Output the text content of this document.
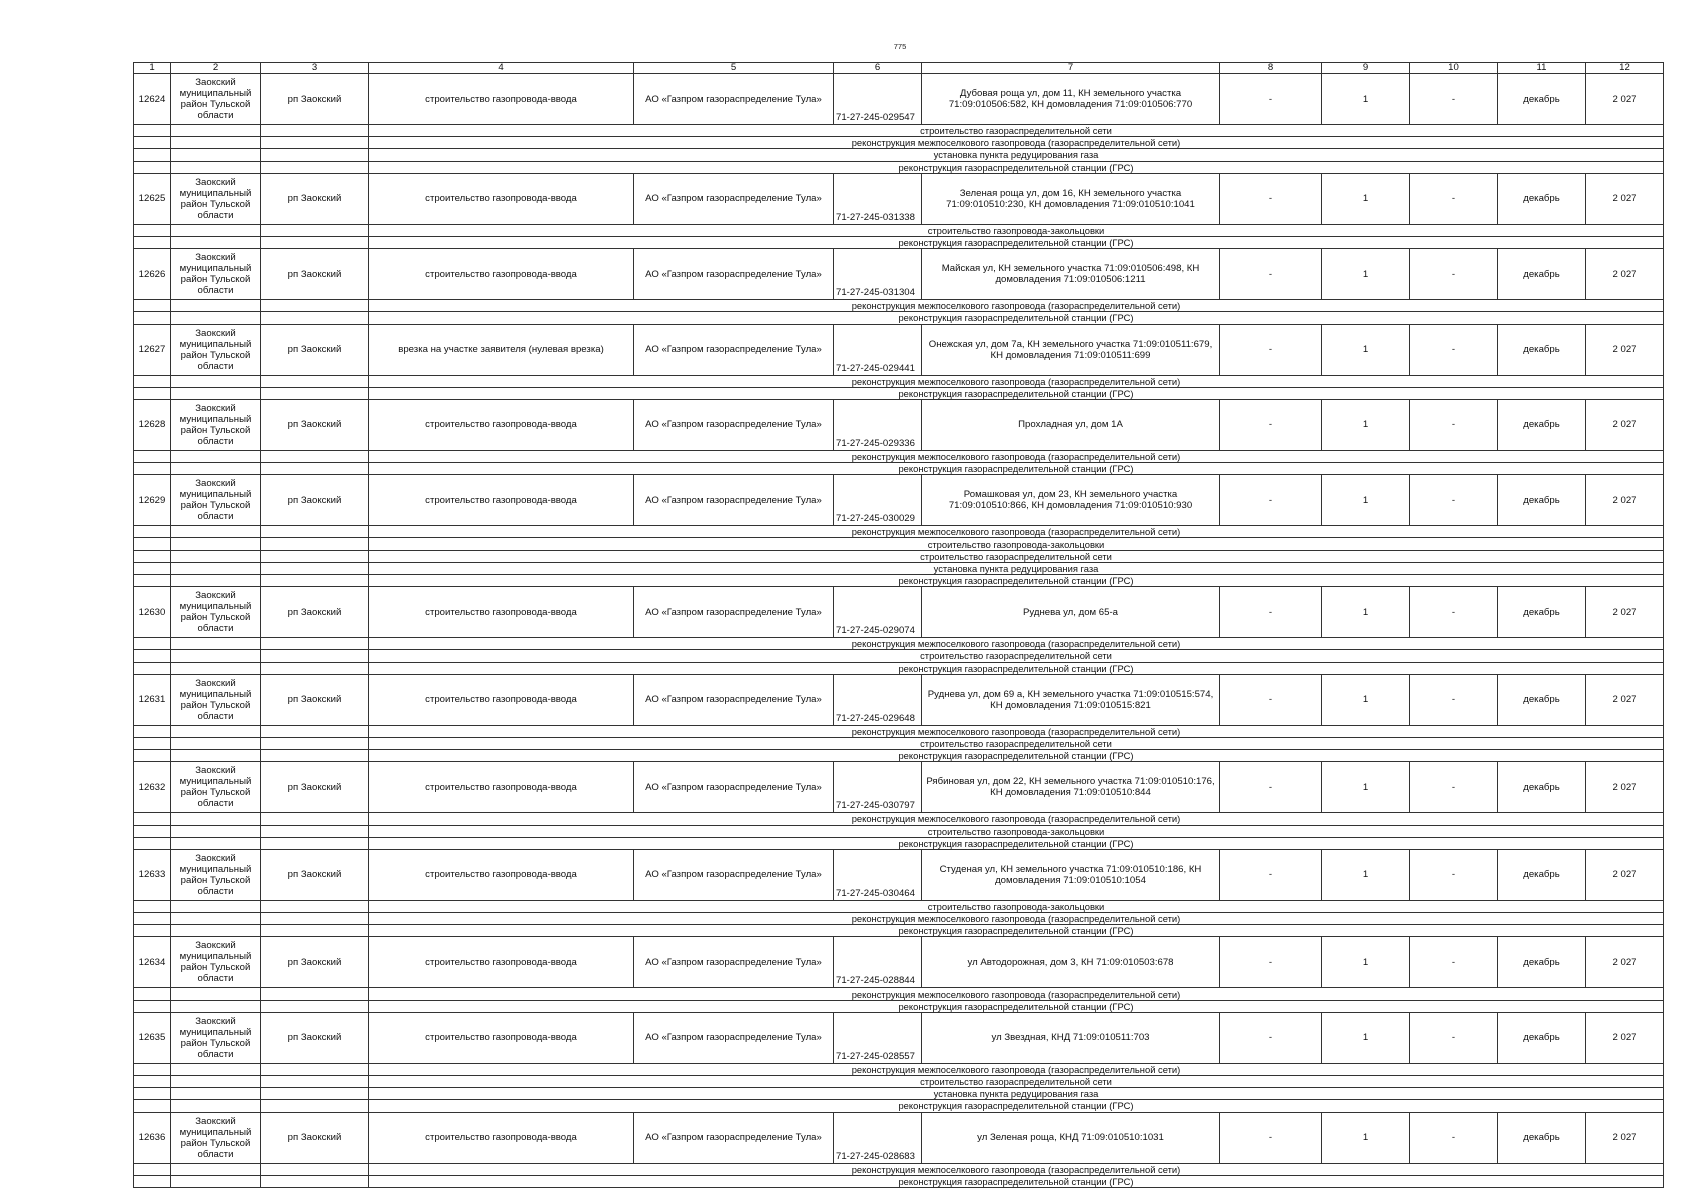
775
1	2	3	4	5	6	7	8	9	10	11	12
12624	Заокский муниципальный район Тульской области	рп Заокский	строительство газопровода-ввода	АО «Газпром газораспределение Тула»	71-27-245-029547	Дубовая роща ул, дом 11, КН земельного участка 71:09:010506:582, КН домовладения 71:09:010506:770	-	1	-	декабрь	2 027
			строительство газораспределительной сети								
			реконструкция межпоселкового газопровода (газораспределительной сети)								
			установка пункта редуцирования газа								
			реконструкция газораспределительной станции (ГРС)								
12625	Заокский муниципальный район Тульской области	рп Заокский	строительство газопровода-ввода	АО «Газпром газораспределение Тула»	71-27-245-031338	Зеленая роща ул, дом 16, КН земельного участка 71:09:010510:230, КН домовладения 71:09:010510:1041	-	1	-	декабрь	2 027
			строительство газопровода-закольцовки								
			реконструкция газораспределительной станции (ГРС)								
12626	Заокский муниципальный район Тульской области	рп Заокский	строительство газопровода-ввода	АО «Газпром газораспределение Тула»	71-27-245-031304	Майская ул, КН земельного участка 71:09:010506:498, КН домовладения 71:09:010506:1211	-	1	-	декабрь	2 027
			реконструкция межпоселкового газопровода (газораспределительной сети)								
			реконструкция газораспределительной станции (ГРС)								
12627	Заокский муниципальный район Тульской области	рп Заокский	врезка на участке заявителя (нулевая врезка)	АО «Газпром газораспределение Тула»	71-27-245-029441	Онежская ул, дом 7а, КН земельного участка 71:09:010511:679, КН домовладения 71:09:010511:699	-	1	-	декабрь	2 027
			реконструкция межпоселкового газопровода (газораспределительной сети)								
			реконструкция газораспределительной станции (ГРС)								
12628	Заокский муниципальный район Тульской области	рп Заокский	строительство газопровода-ввода	АО «Газпром газораспределение Тула»	71-27-245-029336	Прохладная ул, дом 1А	-	1	-	декабрь	2 027
			реконструкция межпоселкового газопровода (газораспределительной сети)								
			реконструкция газораспределительной станции (ГРС)								
12629	Заокский муниципальный район Тульской области	рп Заокский	строительство газопровода-ввода	АО «Газпром газораспределение Тула»	71-27-245-030029	Ромашковая ул, дом 23, КН земельного участка 71:09:010510:866, КН домовладения 71:09:010510:930	-	1	-	декабрь	2 027
			реконструкция межпоселкового газопровода (газораспределительной сети)								
			строительство газопровода-закольцовки								
			строительство газораспределительной сети								
			установка пункта редуцирования газа								
			реконструкция газораспределительной станции (ГРС)								
12630	Заокский муниципальный район Тульской области	рп Заокский	строительство газопровода-ввода	АО «Газпром газораспределение Тула»	71-27-245-029074	Руднева ул, дом 65-а	-	1	-	декабрь	2 027
			реконструкция межпоселкового газопровода (газораспределительной сети)								
			строительство газораспределительной сети								
			реконструкция газораспределительной станции (ГРС)								
12631	Заокский муниципальный район Тульской области	рп Заокский	строительство газопровода-ввода	АО «Газпром газораспределение Тула»	71-27-245-029648	Руднева ул, дом 69 а, КН земельного участка 71:09:010515:574, КН домовладения 71:09:010515:821	-	1	-	декабрь	2 027
			реконструкция межпоселкового газопровода (газораспределительной сети)								
			строительство газораспределительной сети								
			реконструкция газораспределительной станции (ГРС)								
12632	Заокский муниципальный район Тульской области	рп Заокский	строительство газопровода-ввода	АО «Газпром газораспределение Тула»	71-27-245-030797	Рябиновая ул, дом 22, КН земельного участка 71:09:010510:176, КН домовладения 71:09:010510:844	-	1	-	декабрь	2 027
			реконструкция межпоселкового газопровода (газораспределительной сети)								
			строительство газопровода-закольцовки								
			реконструкция газораспределительной станции (ГРС)								
12633	Заокский муниципальный район Тульской области	рп Заокский	строительство газопровода-ввода	АО «Газпром газораспределение Тула»	71-27-245-030464	Студеная ул, КН земельного участка 71:09:010510:186, КН домовладения 71:09:010510:1054	-	1	-	декабрь	2 027
			строительство газопровода-закольцовки								
			реконструкция межпоселкового газопровода (газораспределительной сети)								
			реконструкция газораспределительной станции (ГРС)								
12634	Заокский муниципальный район Тульской области	рп Заокский	строительство газопровода-ввода	АО «Газпром газораспределение Тула»	71-27-245-028844	ул Автодорожная, дом 3, КН 71:09:010503:678	-	1	-	декабрь	2 027
			реконструкция межпоселкового газопровода (газораспределительной сети)								
			реконструкция газораспределительной станции (ГРС)								
12635	Заокский муниципальный район Тульской области	рп Заокский	строительство газопровода-ввода	АО «Газпром газораспределение Тула»	71-27-245-028557	ул Звездная, КНД 71:09:010511:703	-	1	-	декабрь	2 027
			реконструкция межпоселкового газопровода (газораспределительной сети)								
			строительство газораспределительной сети								
			установка пункта редуцирования газа								
			реконструкция газораспределительной станции (ГРС)								
12636	Заокский муниципальный район Тульской области	рп Заокский	строительство газопровода-ввода	АО «Газпром газораспределение Тула»	71-27-245-028683	ул Зеленая роща, КНД 71:09:010510:1031	-	1	-	декабрь	2 027
			реконструкция межпоселкового газопровода (газораспределительной сети)								
			реконструкция газораспределительной станции (ГРС)								
